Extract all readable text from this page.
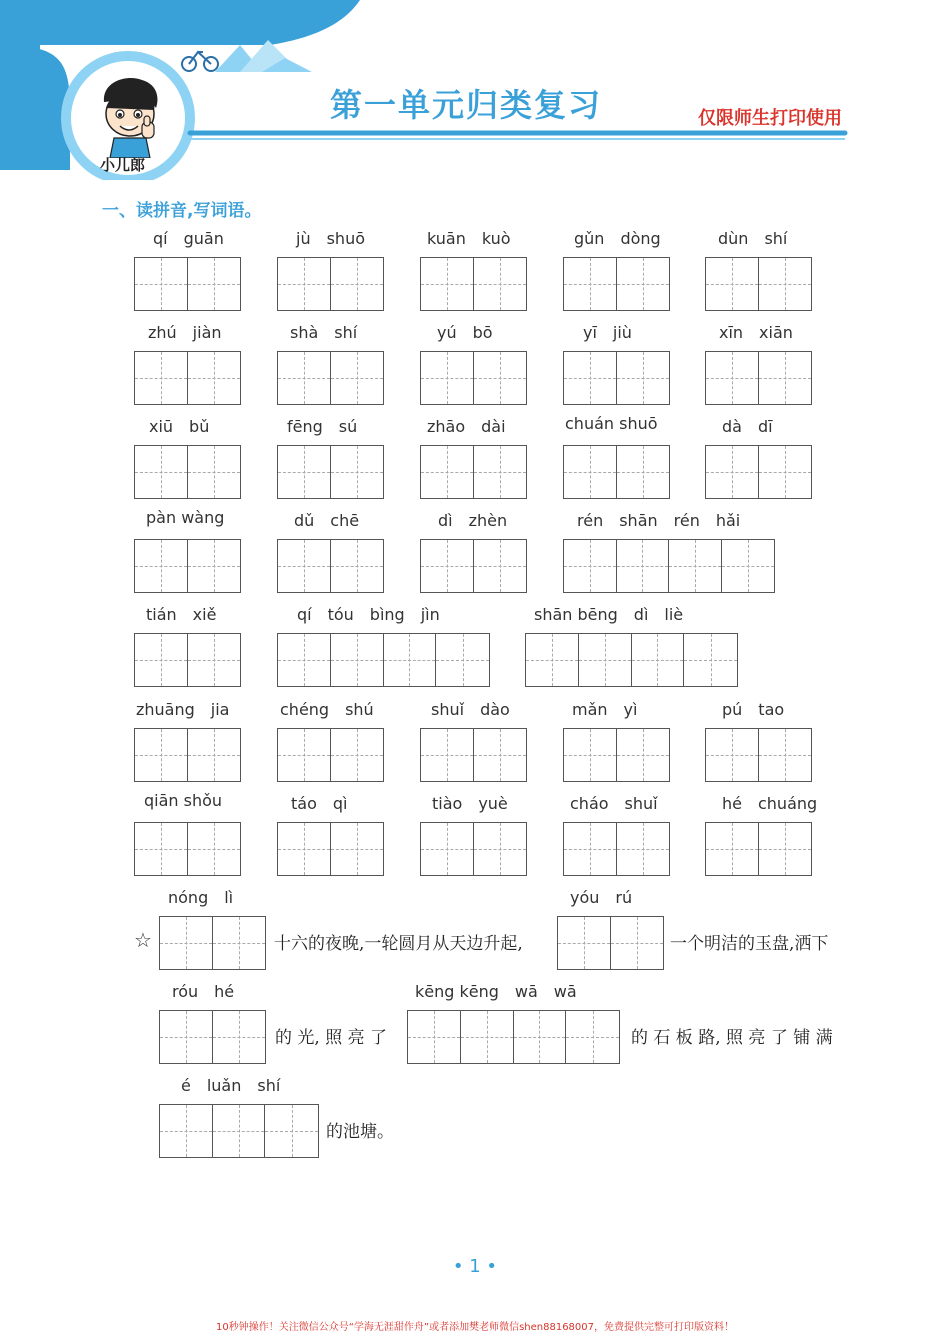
*
小儿郎
第一单元归类复习	仅限师生打印使用
一、读拼音,写词语。
qí　guān	jù　shuō	kuān　kuò	gǔn　dòng	dùn　shí
zhú　jiàn	shà　shí	yú　bō	yī　jiù	xīn　xiān
xiū　bǔ	fēng　sú	zhāo　dài	chuán shuō	dà　dī
pàn wàng	dǔ　chē	dì　zhèn	rén　shān　rén　hǎi
tián　xiě	qí　tóu　bìng　jìn	shān bēng　dì　liè
zhuāng　jia	chéng　shú	shuǐ　dào	mǎn　yì	pú　tao
qiān shǒu	táo　qì	tiào　yuè	cháo　shuǐ	hé　chuáng
☆
nóng　lì
十六的夜晚,一轮圆月从天边升起,
yóu　rú
一个明洁的玉盘,洒下
róu　hé
的 光, 照 亮 了
kēng kēng　wā　wā
的 石 板 路, 照 亮 了 铺 满
é　luǎn　shí
的池塘。
• 1 •
10秒钟操作！关注微信公众号“学海无涯甜作舟”或者添加樊老师微信shen88168007，免费提供完整可打印版资料！
